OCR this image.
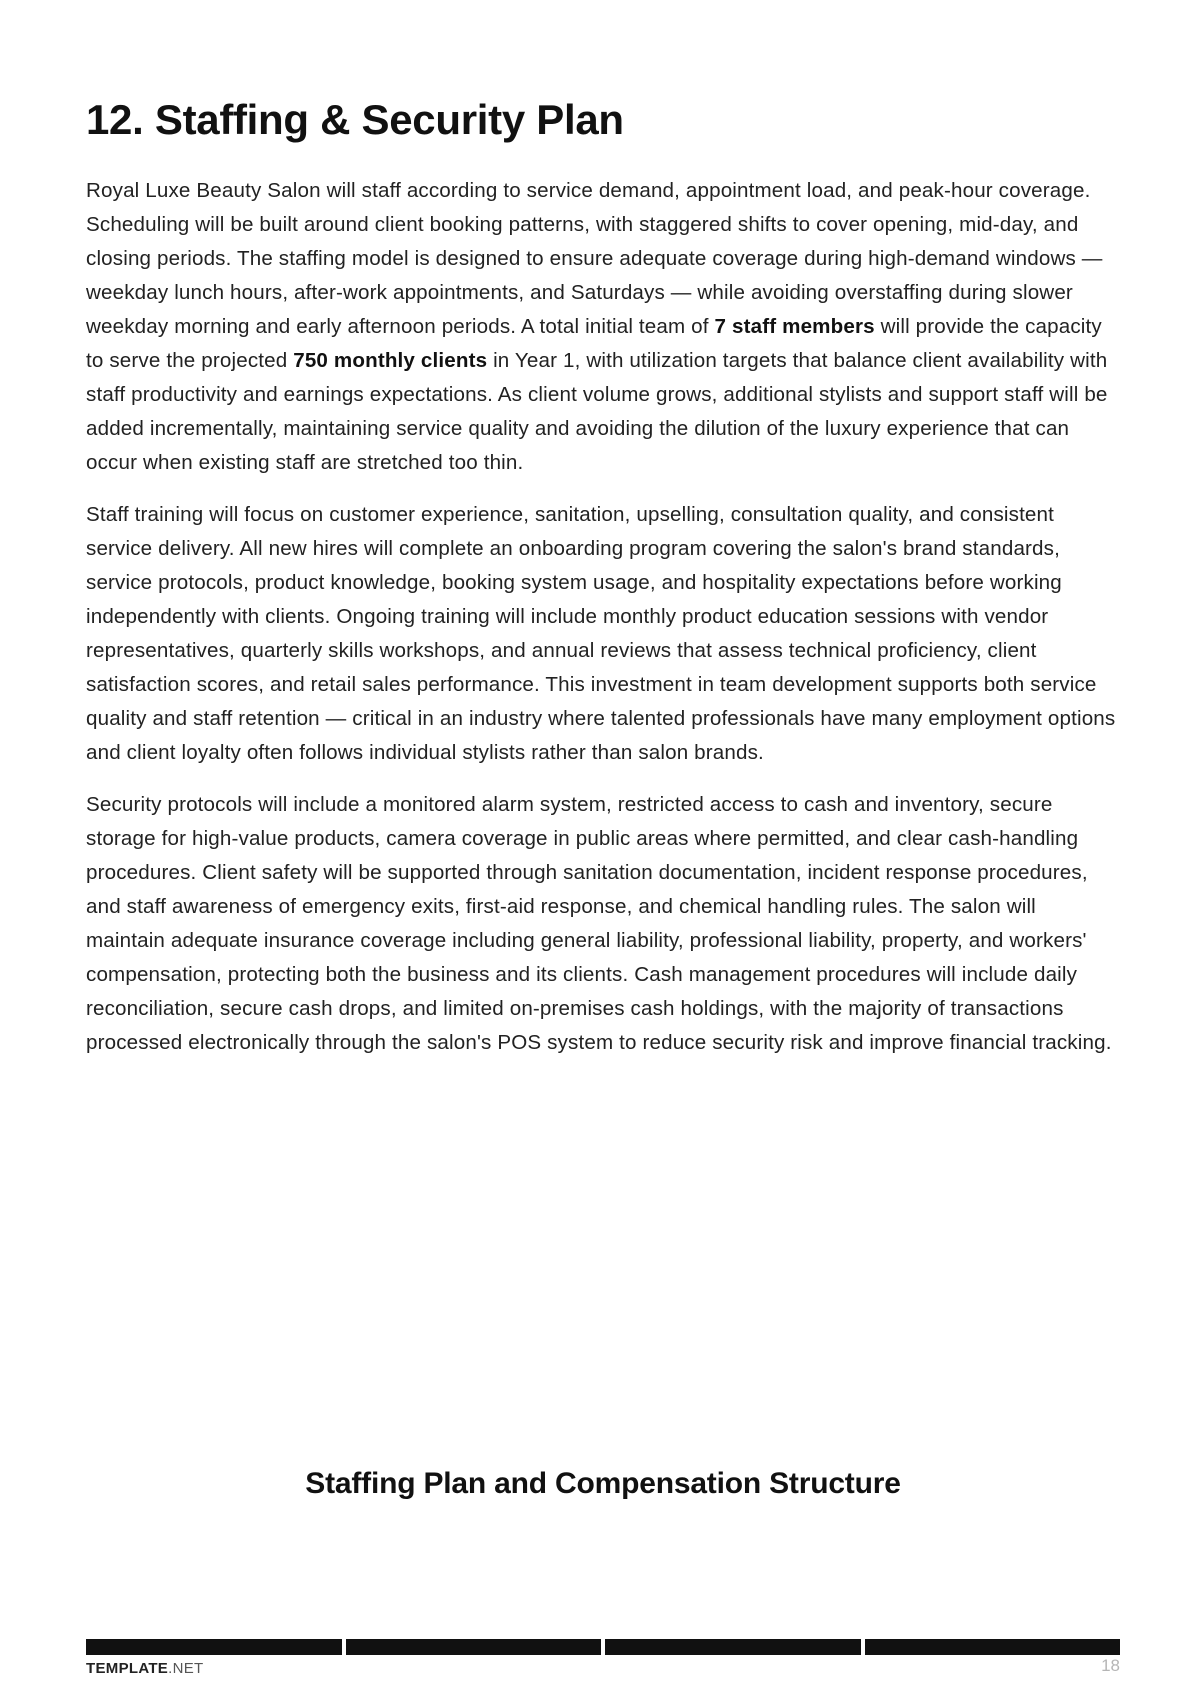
12. Staffing & Security Plan

Royal Luxe Beauty Salon will staff according to service demand, appointment load, and peak-hour coverage. Scheduling will be built around client booking patterns, with staggered shifts to cover opening, mid-day, and closing periods. The staffing model is designed to ensure adequate coverage during high-demand windows — weekday lunch hours, after-work appointments, and Saturdays — while avoiding overstaffing during slower weekday morning and early afternoon periods. A total initial team of 7 staff members will provide the capacity to serve the projected 750 monthly clients in Year 1, with utilization targets that balance client availability with staff productivity and earnings expectations. As client volume grows, additional stylists and support staff will be added incrementally, maintaining service quality and avoiding the dilution of the luxury experience that can occur when existing staff are stretched too thin.

Staff training will focus on customer experience, sanitation, upselling, consultation quality, and consistent service delivery. All new hires will complete an onboarding program covering the salon's brand standards, service protocols, product knowledge, booking system usage, and hospitality expectations before working independently with clients. Ongoing training will include monthly product education sessions with vendor representatives, quarterly skills workshops, and annual reviews that assess technical proficiency, client satisfaction scores, and retail sales performance. This investment in team development supports both service quality and staff retention — critical in an industry where talented professionals have many employment options and client loyalty often follows individual stylists rather than salon brands.

Security protocols will include a monitored alarm system, restricted access to cash and inventory, secure storage for high-value products, camera coverage in public areas where permitted, and clear cash-handling procedures. Client safety will be supported through sanitation documentation, incident response procedures, and staff awareness of emergency exits, first-aid response, and chemical handling rules. The salon will maintain adequate insurance coverage including general liability, professional liability, property, and workers' compensation, protecting both the business and its clients. Cash management procedures will include daily reconciliation, secure cash drops, and limited on-premises cash holdings, with the majority of transactions processed electronically through the salon's POS system to reduce security risk and improve financial tracking.

Staffing Plan and Compensation Structure
TEMPLATE.NET	18
